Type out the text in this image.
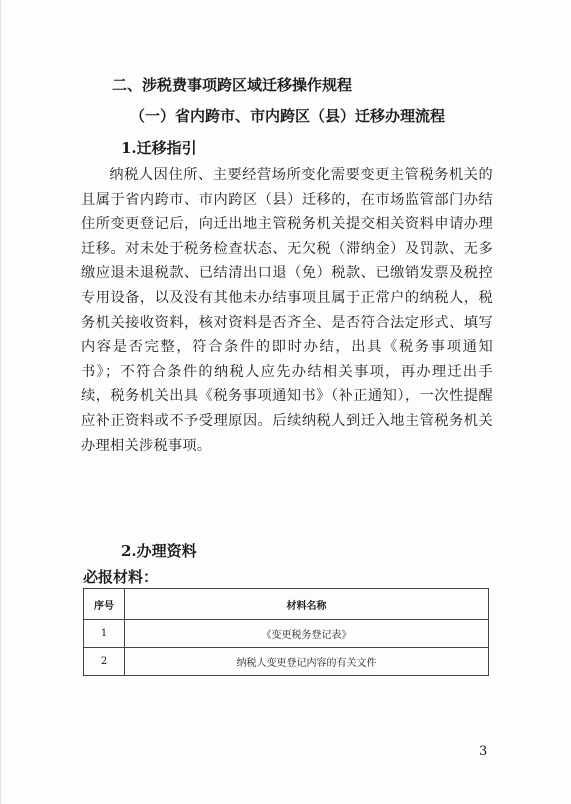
二、涉税费事项跨区域迁移操作规程
（一）省内跨市、市内跨区（县）迁移办理流程
1.迁移指引

纳税人因住所、主要经营场所变化需要变更主管税务机关的且属于省内跨市、市内跨区（县）迁移的，在市场监管部门办结住所变更登记后，向迁出地主管税务机关提交相关资料申请办理迁移。对未处于税务检查状态、无欠税（滞纳金）及罚款、无多缴应退未退税款、已结清出口退（免）税款、已缴销发票及税控专用设备，以及没有其他未办结事项且属于正常户的纳税人，税务机关接收资料，核对资料是否齐全、是否符合法定形式、填写内容是否完整，符合条件的即时办结，出具《税务事项通知书》；不符合条件的纳税人应先办结相关事项，再办理迁出手续，税务机关出具《税务事项通知书》（补正通知），一次性提醒应补正资料或不予受理原因。后续纳税人到迁入地主管税务机关办理相关涉税事项。

2.办理资料
必报材料：
序号	材料名称
1	《变更税务登记表》
2	纳税人变更登记内容的有关文件
3
